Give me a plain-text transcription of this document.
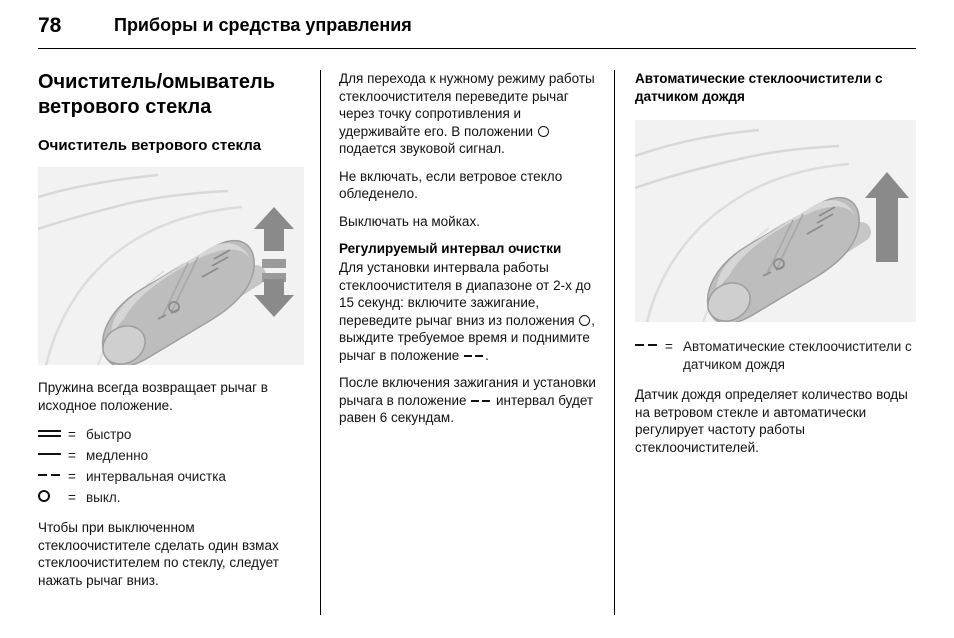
78	Приборы и средства управления
Очиститель/омыватель ветрового стекла
Очиститель ветрового стекла

Пружина всегда возвращает рычаг в исходное положение.

= быстро
= медленно
= интервальная очистка
= выкл.

Чтобы при выключенном стеклоочистителе сделать один взмах стеклоочистителем по стеклу, следует нажать рычаг вниз.

Для перехода к нужному режиму работы стеклоочистителя переведите рычаг через точку сопротивления и удерживайте его. В положении  подается звуковой сигнал.

Не включать, если ветровое стекло обледенело.

Выключать на мойках.

Регулируемый интервал очистки

Для установки интервала работы стеклоочистителя в диапазоне от 2-х до 15 секунд: включите зажигание, переведите рычаг вниз из положения , выждите требуемое время и поднимите рычаг в положение .

После включения зажигания и установки рычага в положение  интервал будет равен 6 секундам.

Автоматические стеклоочистители с датчиком дождя
= Автоматические стеклоочистители с датчиком дождя

Датчик дождя определяет количество воды на ветровом стекле и автоматически регулирует частоту работы стеклоочистителей.
